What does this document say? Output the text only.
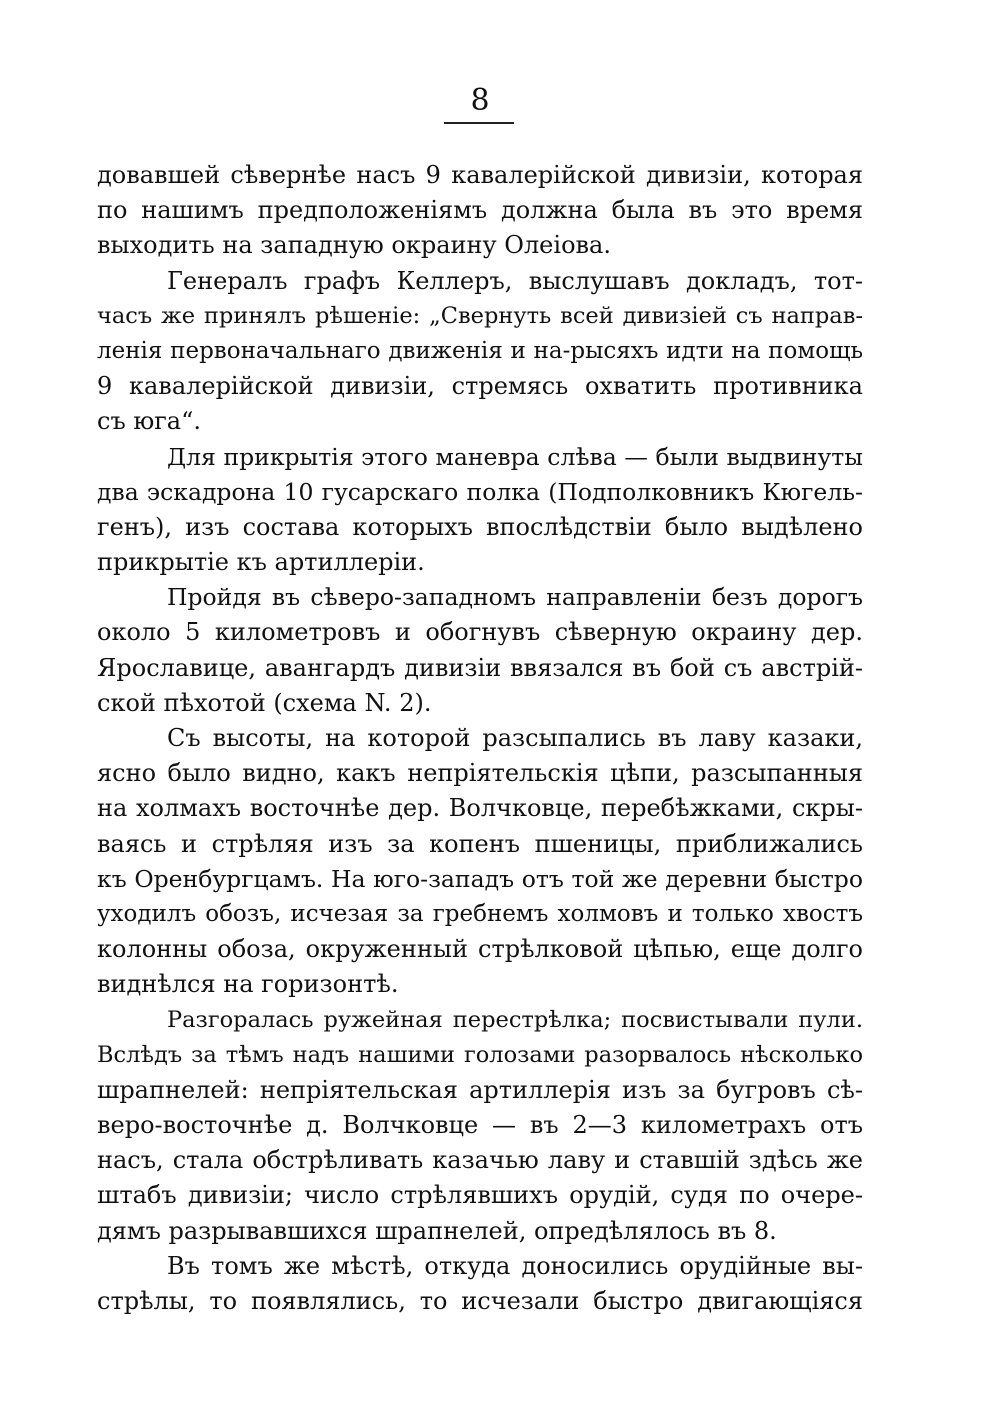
8
довавшей сѣвернѣе насъ 9 кавалерійской дивизіи, которая
по нашимъ предположеніямъ должна была въ это время
выходить на западную окраину Олеіова.
Генералъ графъ Келлеръ, выслушавъ докладъ, тот-
часъ же принялъ рѣшеніе: „Свернуть всей дивизіей съ направ-
ленія первоначальнаго движенія и на-рысяхъ идти на помощь
9 кавалерійской дивизіи, стремясь охватить противника
съ юга“.
Для прикрытія этого маневра слѣва — были выдвинуты
два эскадрона 10 гусарскаго полка (Подполковникъ Кюгель-
генъ), изъ состава которыхъ впослѣдствіи было выдѣлено
прикрытіе къ артиллеріи.
Пройдя въ сѣверо-западномъ направленіи безъ дорогъ
около 5 километровъ и обогнувъ сѣверную окраину дер.
Ярославице, авангардъ дивизіи ввязался въ бой съ австрій-
ской пѣхотой (схема N. 2).
Съ высоты, на которой разсыпались въ лаву казаки,
ясно было видно, какъ непріятельскія цѣпи, разсыпанныя
на холмахъ восточнѣе дер. Волчковце, перебѣжками, скры-
ваясь и стрѣляя изъ за копенъ пшеницы, приближались
къ Оренбургцамъ. На юго-западъ отъ той же деревни быстро
уходилъ обозъ, исчезая за гребнемъ холмовъ и только хвостъ
колонны обоза, окруженный стрѣлковой цѣпью, еще долго
виднѣлся на горизонтѣ.
Разгоралась ружейная перестрѣлка; посвистывали пули.
Вслѣдъ за тѣмъ надъ нашими голозами разорвалось нѣсколько
шрапнелей: непріятельская артиллерія изъ за бугровъ сѣ-
веро-восточнѣе д. Волчковце — въ 2—3 километрахъ отъ
насъ, стала обстрѣливать казачью лаву и ставшій здѣсь же
штабъ дивизіи; число стрѣлявшихъ орудій, судя по очере-
дямъ разрывавшихся шрапнелей, опредѣлялось въ 8.
Въ томъ же мѣстѣ, откуда доносились орудійные вы-
стрѣлы, то появлялись, то исчезали быстро двигающіяся
